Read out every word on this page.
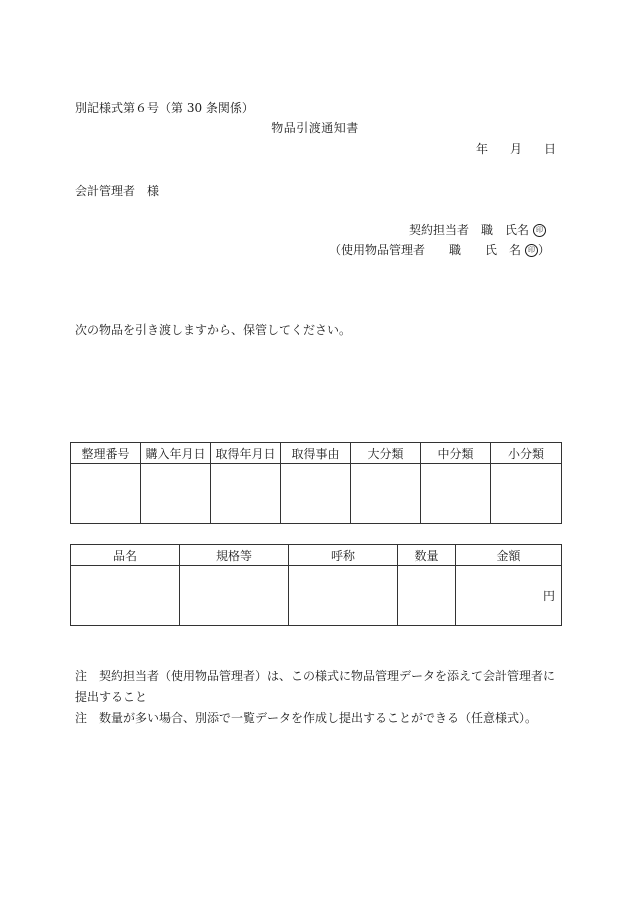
別記様式第６号（第 30 条関係）
物品引渡通知書
年 月 日
会計管理者　様
契約担当者　職　氏名 印
（使用物品管理者　　職　　氏　名 印 ）
次の物品を引き渡しますから、保管してください。
整理番号	購入年月日	取得年月日	取得事由	大分類	中分類	小分類

品名	規格等	呼称	数量	金額
				円
注　契約担当者（使用物品管理者）は、この様式に物品管理データを添えて会計管理者に
提出すること
注　数量が多い場合、別添で一覧データを作成し提出することができる（任意様式）。
